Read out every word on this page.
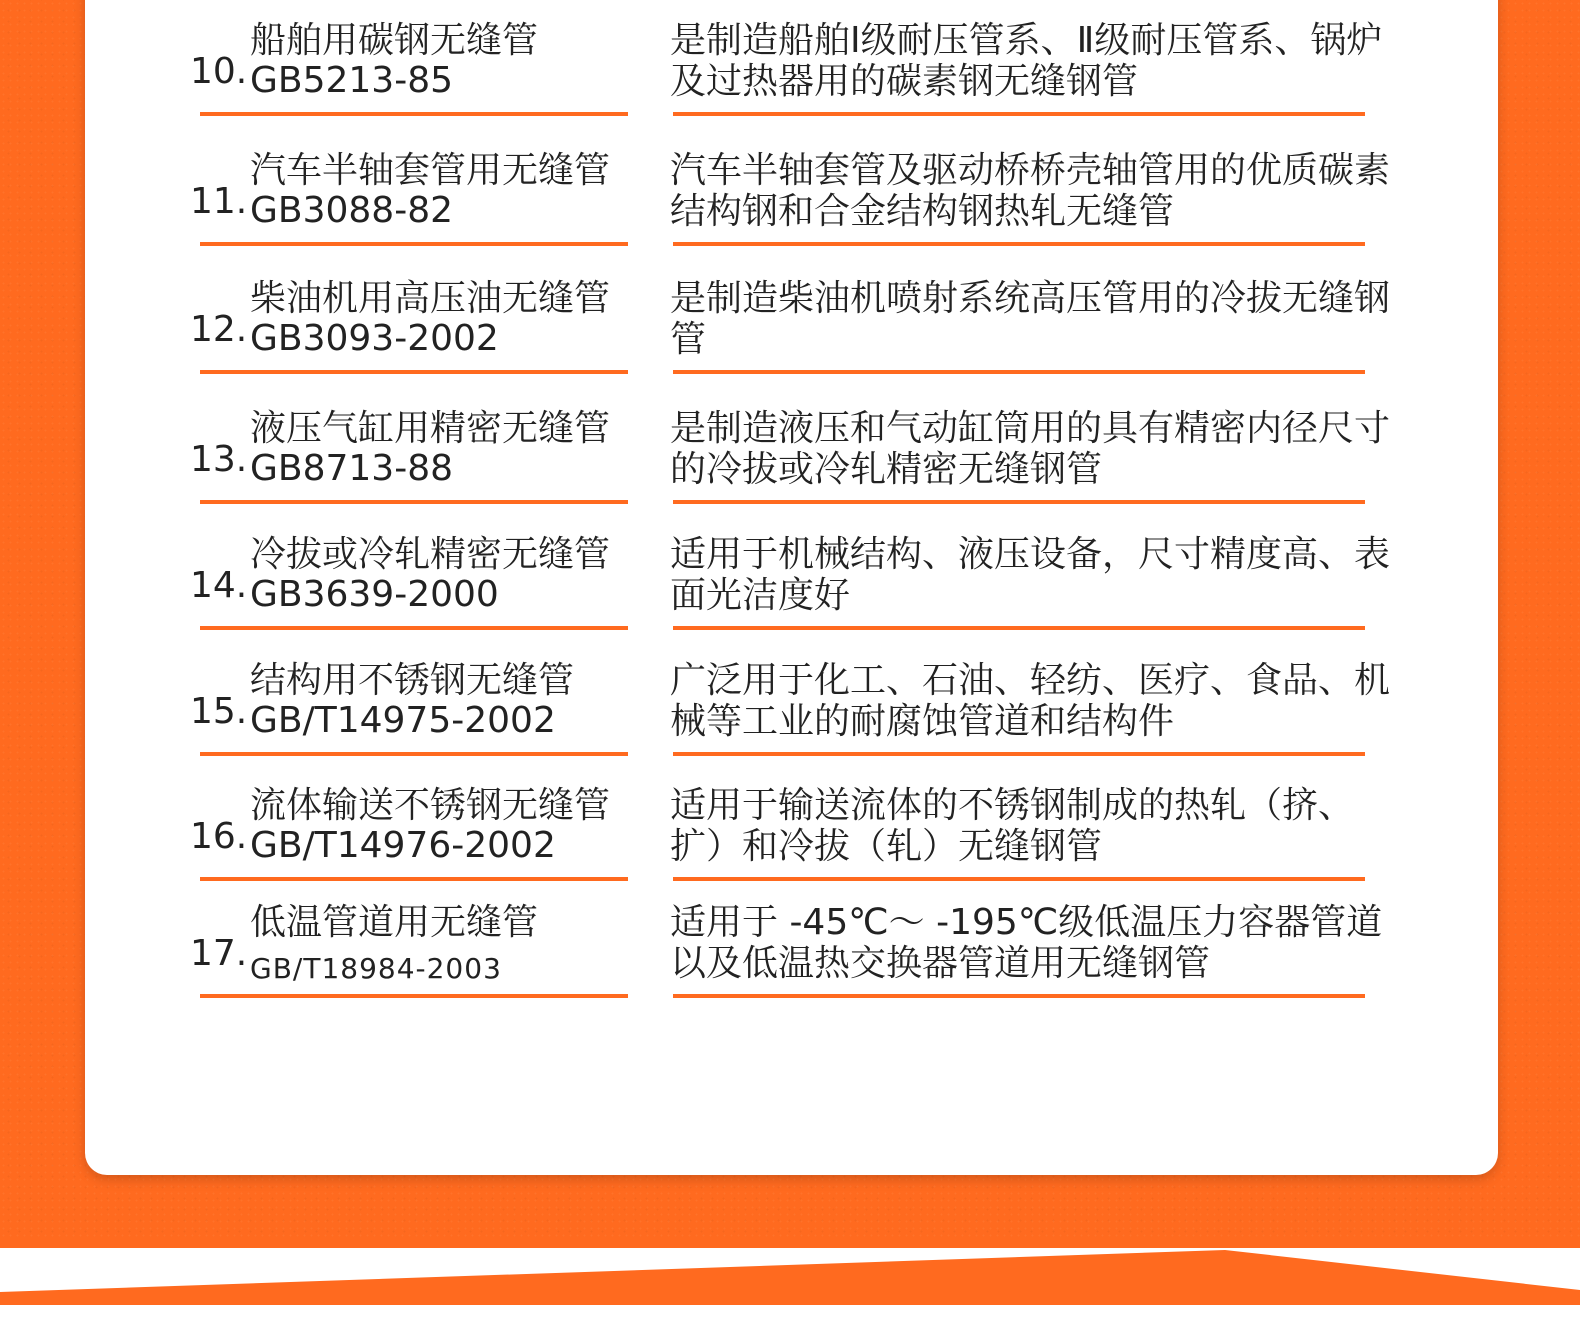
10.
船舶用碳钢无缝管
GB5213-85
是制造船舶Ⅰ级耐压管系、Ⅱ级耐压管系、锅炉及过热器用的碳素钢无缝钢管
11.
汽车半轴套管用无缝管
GB3088-82
汽车半轴套管及驱动桥桥壳轴管用的优质碳素结构钢和合金结构钢热轧无缝管
12.
柴油机用高压油无缝管
GB3093-2002
是制造柴油机喷射系统高压管用的冷拔无缝钢管
13.
液压气缸用精密无缝管
GB8713-88
是制造液压和气动缸筒用的具有精密内径尺寸的冷拔或冷轧精密无缝钢管
14.
冷拔或冷轧精密无缝管
GB3639-2000
适用于机械结构、液压设备，尺寸精度高、表面光洁度好
15.
结构用不锈钢无缝管
GB/T14975-2002
广泛用于化工、石油、轻纺、医疗、食品、机械等工业的耐腐蚀管道和结构件
16.
流体输送不锈钢无缝管
GB/T14976-2002
适用于输送流体的不锈钢制成的热轧（挤、扩）和冷拔（轧）无缝钢管
17.
低温管道用无缝管
GB/T18984-2003
适用于 -45℃～ -195℃级低温压力容器管道以及低温热交换器管道用无缝钢管
